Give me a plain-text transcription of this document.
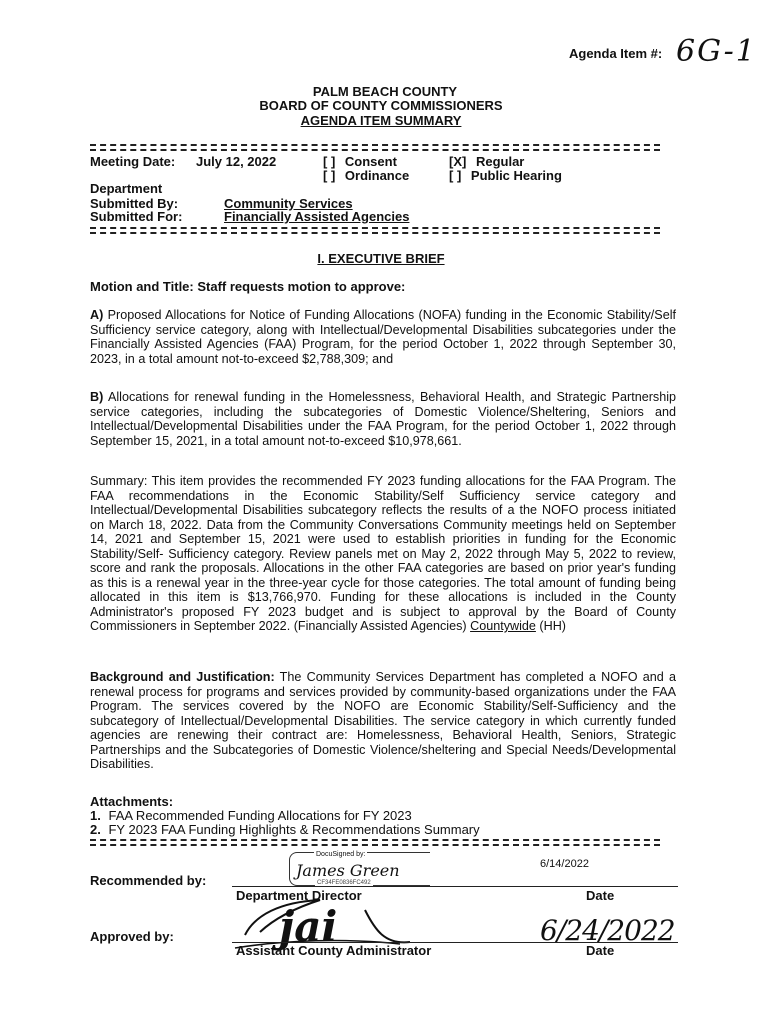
Agenda Item #: 6G-1
PALM BEACH COUNTY
BOARD OF COUNTY COMMISSIONERS
AGENDA ITEM SUMMARY
Meeting Date: July 12, 2022	[ ] Consent
[ ] Ordinance
[X] Regular
[ ] Public Hearing
Department
Submitted By:	Community Services
Submitted For:	Financially Assisted Agencies
I. EXECUTIVE BRIEF
Motion and Title: Staff requests motion to approve:
A) Proposed Allocations for Notice of Funding Allocations (NOFA) funding in the Economic Stability/Self Sufficiency service category, along with Intellectual/Developmental Disabilities subcategories under the Financially Assisted Agencies (FAA) Program, for the period October 1, 2022 through September 30, 2023, in a total amount not-to-exceed $2,788,309; and
B) Allocations for renewal funding in the Homelessness, Behavioral Health, and Strategic Partnership service categories, including the subcategories of Domestic Violence/Sheltering, Seniors and Intellectual/Developmental Disabilities under the FAA Program, for the period October 1, 2022 through September 15, 2021, in a total amount not-to-exceed $10,978,661.
Summary: This item provides the recommended FY 2023 funding allocations for the FAA Program. The FAA recommendations in the Economic Stability/Self Sufficiency service category and Intellectual/Developmental Disabilities subcategory reflects the results of a the NOFO process initiated on March 18, 2022. Data from the Community Conversations Community meetings held on September 14, 2021 and September 15, 2021 were used to establish priorities in funding for the Economic Stability/Self- Sufficiency category. Review panels met on May 2, 2022 through May 5, 2022 to review, score and rank the proposals. Allocations in the other FAA categories are based on prior year's funding as this is a renewal year in the three-year cycle for those categories. The total amount of funding being allocated in this item is $13,766,970. Funding for these allocations is included in the County Administrator's proposed FY 2023 budget and is subject to approval by the Board of County Commissioners in September 2022. (Financially Assisted Agencies) Countywide (HH)
Background and Justification: The Community Services Department has completed a NOFO and a renewal process for programs and services provided by community-based organizations under the FAA Program. The services covered by the NOFO are Economic Stability/Self-Sufficiency and the subcategory of Intellectual/Developmental Disabilities. The service category in which currently funded agencies are renewing their contract are: Homelessness, Behavioral Health, Seniors, Strategic Partnerships and the Subcategories of Domestic Violence/sheltering and Special Needs/Developmental Disabilities.
Attachments:
1. FAA Recommended Funding Allocations for FY 2023
2. FY 2023 FAA Funding Highlights & Recommendations Summary
Recommended by:
DocuSigned by:
James Green
CF34FE0836FC492
6/14/2022
Department Director	Date
Approved by:	jai	6/24/2022
Assistant County Administrator	Date
